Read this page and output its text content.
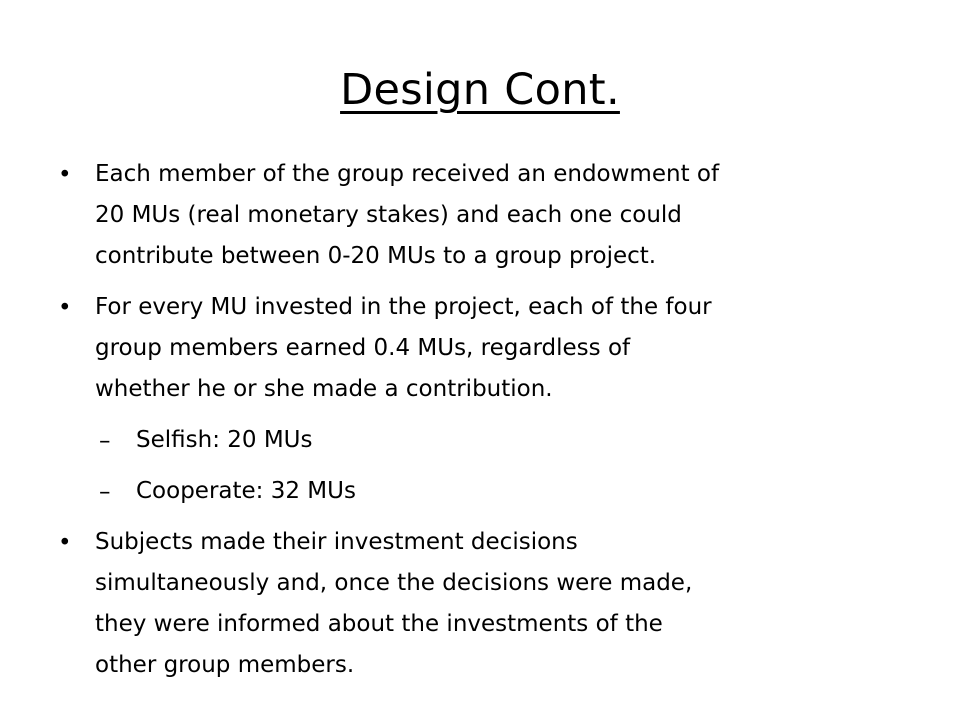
Design Cont.
•	Each member of the group received an endowment of
20 MUs (real monetary stakes) and each one could
contribute between 0-20 MUs to a group project.
•	For every MU invested in the project, each of the four
group members earned 0.4 MUs, regardless of
whether he or she made a contribution.
–	Selfish: 20 MUs
–	Cooperate: 32 MUs
•	Subjects made their investment decisions
simultaneously and, once the decisions were made,
they were informed about the investments of the
other group members.
